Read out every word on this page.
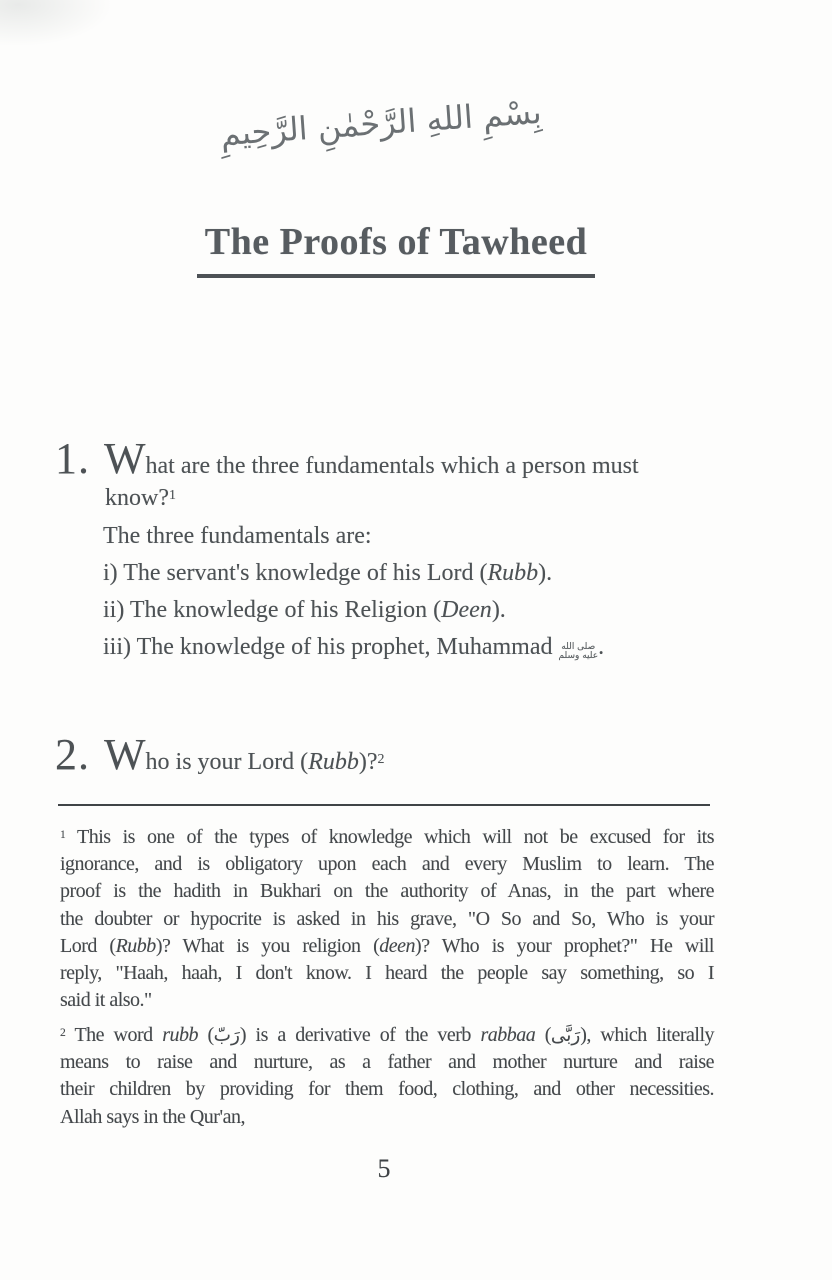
بِسْمِ اللهِ الرَّحْمٰنِ الرَّحِيمِ
The Proofs of Tawheed
1. W hat are the three fundamentals which a person must
know?$^1$
The three fundamentals are:
i) The servant's knowledge of his Lord (Rubb).
ii) The knowledge of his Religion (Deen).
iii) The knowledge of his prophet, Muhammad صلى الله
عليه وسلم .
2. W ho is your Lord (Rubb)?$^2$
$^1$ This is one of the types of knowledge which will not be excused for its
ignorance, and is obligatory upon each and every Muslim to learn. The
proof is the hadith in Bukhari on the authority of Anas, in the part where
the doubter or hypocrite is asked in his grave, "O So and So, Who is your
Lord (Rubb)? What is you religion (deen)? Who is your prophet?" He will
reply, "Haah, haah, I don't know. I heard the people say something, so I
said it also."
$^2$ The word rubb (رَبّ) is a derivative of the verb rabbaa (رَبَّى), which literally
means to raise and nurture, as a father and mother nurture and raise
their children by providing for them food, clothing, and other necessities.
Allah says in the Qur'an,
5
